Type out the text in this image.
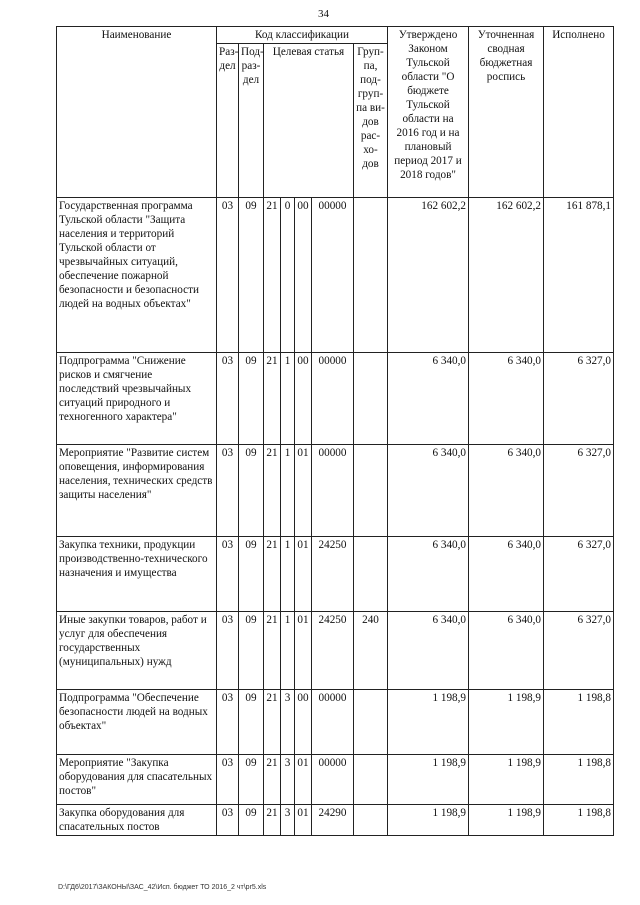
34
Наименование	Код классификации							Утверждено Законом Тульской области "О бюджете Тульской области на 2016 год и на плановый период 2017 и 2018 годов"	Уточненная сводная бюджетная роспись	Исполнено
	Раз-дел	Под-раз-дел	Целевая статья				Груп-па, под-груп-па ви-дов рас-хо-дов			
Государственная программа Тульской области "Защита населения и территорий Тульской области от чрезвычайных ситуаций, обеспечение пожарной безопасности и безопасности людей на водных объектах"	03	09	21	0	00	00000		162 602,2	162 602,2	161 878,1
Подпрограмма "Снижение рисков и смягчение последствий чрезвычайных ситуаций природного и техногенного характера"	03	09	21	1	00	00000		6 340,0	6 340,0	6 327,0
Мероприятие "Развитие систем оповещения, информирования населения, технических средств защиты населения"	03	09	21	1	01	00000		6 340,0	6 340,0	6 327,0
Закупка техники, продукции производственно-технического назначения и имущества	03	09	21	1	01	24250		6 340,0	6 340,0	6 327,0
Иные закупки товаров, работ и услуг для обеспечения государственных (муниципальных) нужд	03	09	21	1	01	24250	240	6 340,0	6 340,0	6 327,0
Подпрограмма "Обеспечение безопасности людей на водных объектах"	03	09	21	3	00	00000		1 198,9	1 198,9	1 198,8
Мероприятие "Закупка оборудования для спасательных постов"	03	09	21	3	01	00000		1 198,9	1 198,9	1 198,8
Закупка оборудования для спасательных постов	03	09	21	3	01	24290		1 198,9	1 198,9	1 198,8
D:\ГД6\2017\ЗАКОНЫ\ЗАС_42\Исп. бюджет ТО 2016_2 чт\pr5.xls
